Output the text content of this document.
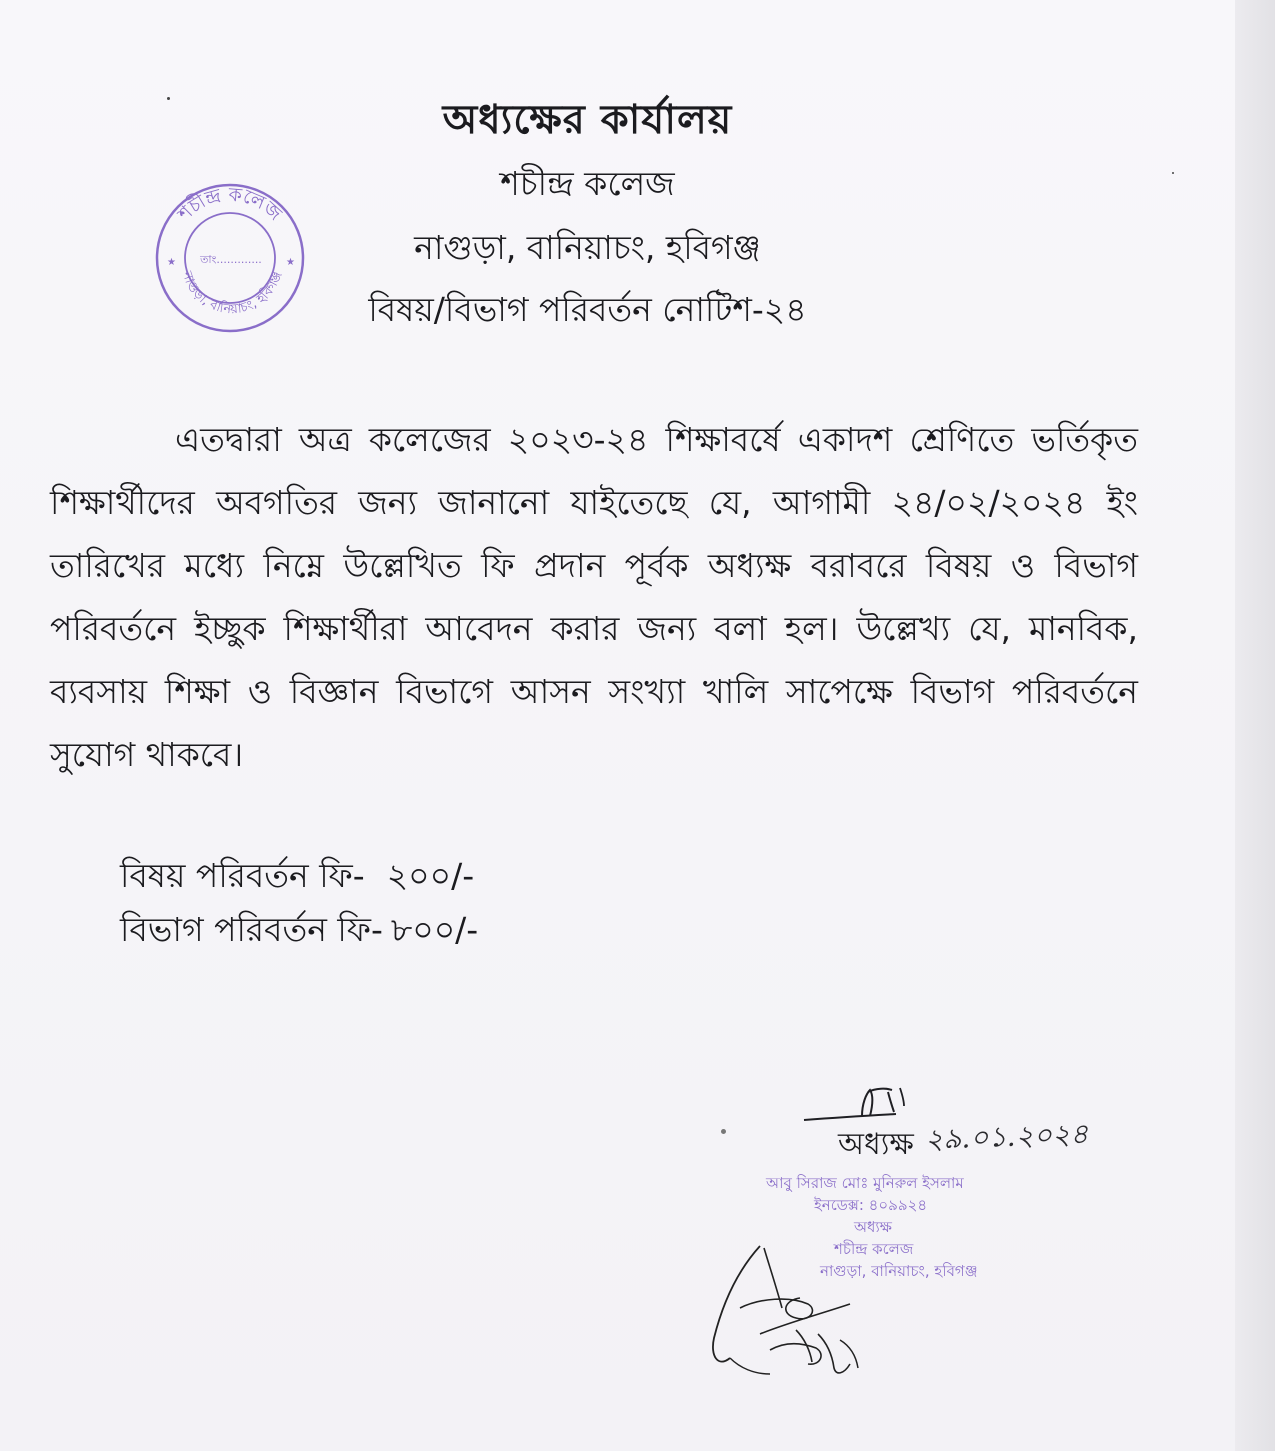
শচীন্দ্র কলেজ
নাগুড়া, বানিয়াচং, হবিগঞ্জ
তাং.............
★	★
অধ্যক্ষের কার্যালয়
শচীন্দ্র কলেজ
নাগুড়া, বানিয়াচং, হবিগঞ্জ
বিষয়/বিভাগ পরিবর্তন নোটিশ-২৪

এতদ্বারা অত্র কলেজের ২০২৩-২৪ শিক্ষাবর্ষে একাদশ শ্রেণিতে ভর্তিকৃত শিক্ষার্থীদের অবগতির জন্য জানানো যাইতেছে যে, আগামী ২৪/০২/২০২৪ ইং তারিখের মধ্যে নিম্নে উল্লেখিত ফি প্রদান পূর্বক অধ্যক্ষ বরাবরে বিষয় ও বিভাগ পরিবর্তনে ইচ্ছুক শিক্ষার্থীরা আবেদন করার জন্য বলা হল। উল্লেখ্য যে, মানবিক, ব্যবসায় শিক্ষা ও বিজ্ঞান বিভাগে আসন সংখ্যা খালি সাপেক্ষে বিভাগ পরিবর্তনে সুযোগ থাকবে।

বিষয় পরিবর্তন ফি- ২০০/-
বিভাগ পরিবর্তন ফি- ৮০০/-
অধ্যক্ষ ২৯.০১.২০২৪
আবু সিরাজ মোঃ মুনিরুল ইসলাম
ইনডেক্স: ৪০৯৯২৪
অধ্যক্ষ
শচীন্দ্র কলেজ
নাগুড়া, বানিয়াচং, হবিগঞ্জ
